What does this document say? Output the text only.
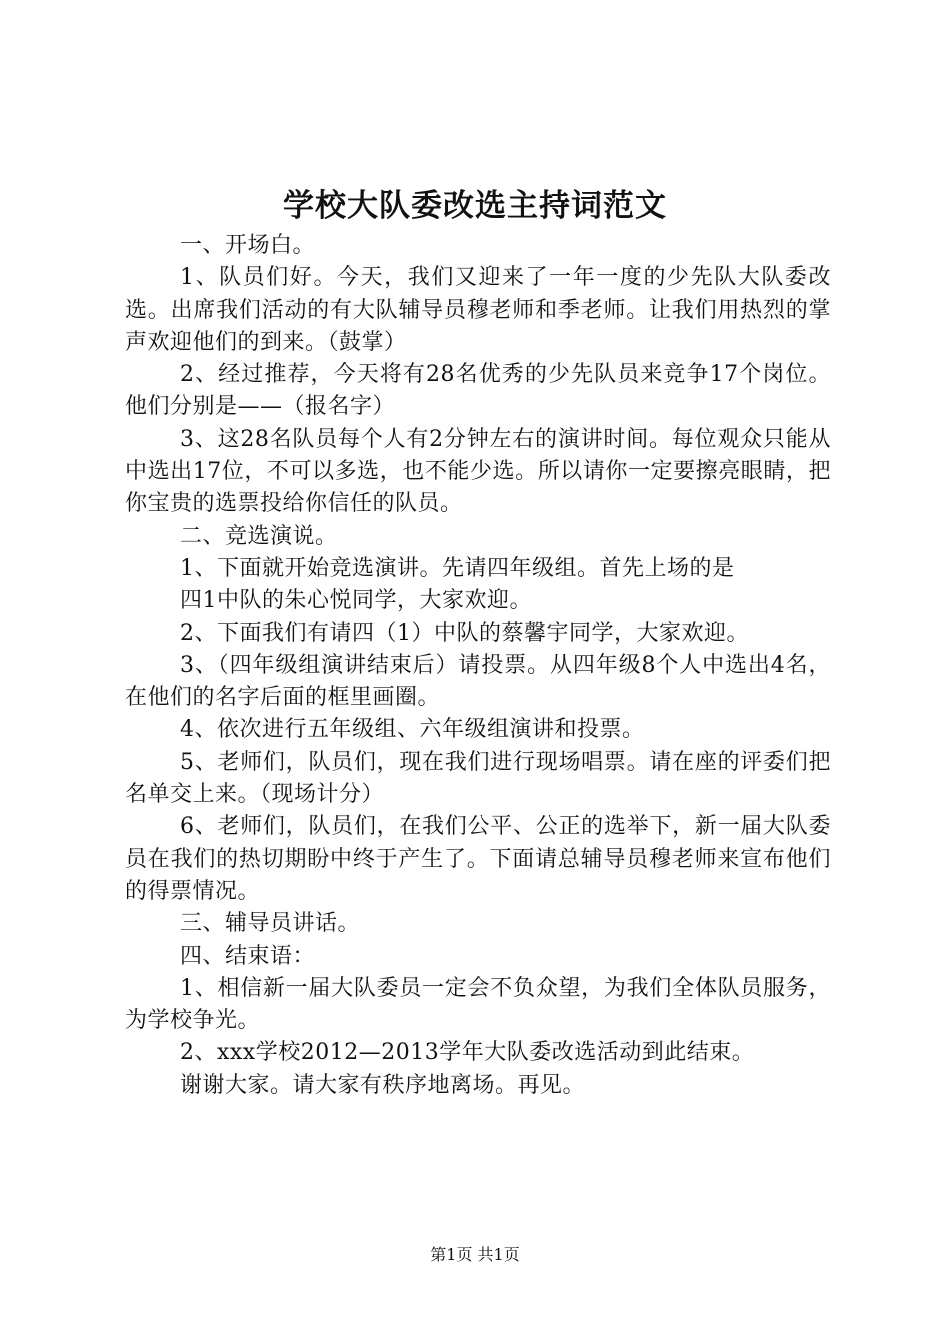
学校大队委改选主持词范文

一、开场白。

1、队员们好。今天，我们又迎来了一年一度的少先队大队委改选。出席我们活动的有大队辅导员穆老师和季老师。让我们用热烈的掌声欢迎他们的到来。（鼓掌）

2、经过推荐，今天将有28名优秀的少先队员来竞争17个岗位。他们分别是——（报名字）

3、这28名队员每个人有2分钟左右的演讲时间。每位观众只能从中选出17位，不可以多选，也不能少选。所以请你一定要擦亮眼睛，把你宝贵的选票投给你信任的队员。

二、竞选演说。

1、下面就开始竞选演讲。先请四年级组。首先上场的是

四1中队的朱心悦同学，大家欢迎。

2、下面我们有请四（1）中队的蔡馨宇同学，大家欢迎。

3、（四年级组演讲结束后）请投票。从四年级8个人中选出4名，在他们的名字后面的框里画圈。

4、依次进行五年级组、六年级组演讲和投票。

5、老师们，队员们，现在我们进行现场唱票。请在座的评委们把名单交上来。（现场计分）

6、老师们，队员们，在我们公平、公正的选举下，新一届大队委员在我们的热切期盼中终于产生了。下面请总辅导员穆老师来宣布他们的得票情况。

三、辅导员讲话。

四、结束语：

1、相信新一届大队委员一定会不负众望，为我们全体队员服务，为学校争光。

2、xxx学校2012—2013学年大队委改选活动到此结束。

谢谢大家。请大家有秩序地离场。再见。

第1页 共1页
